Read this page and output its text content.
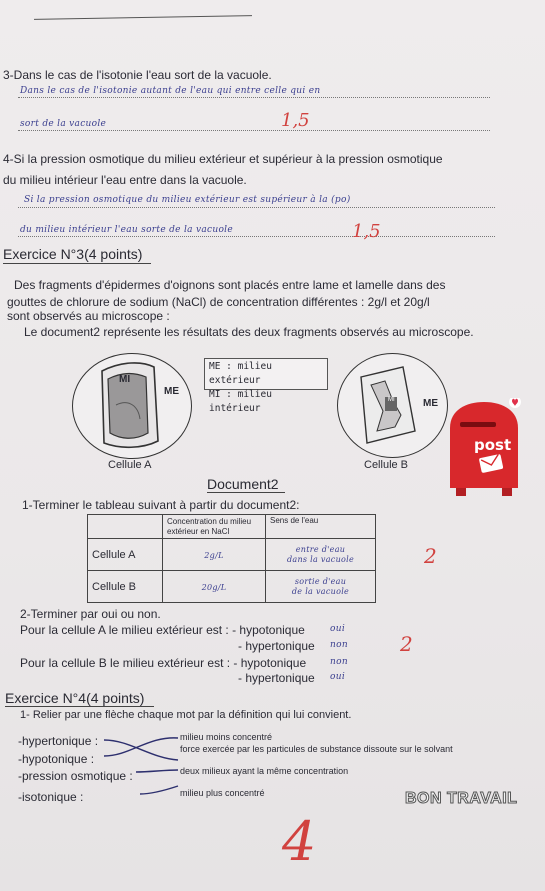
3-Dans le cas de l'isotonie l'eau sort de la vacuole.
Dans le cas de l'isotonie autant de l'eau qui entre celle qui en
sort de la vacuole	1,5
4-Si la pression osmotique du milieu extérieur et supérieur à la pression osmotique
du milieu intérieur l'eau entre dans la vacuole.
Si la pression osmotique du milieu extérieur est supérieur à la (po)
du milieu intérieur l'eau sorte de la vacuole	1,5
Exercice N°3(4 points)
Des fragments d'épidermes d'oignons sont placés entre lame et lamelle dans des
gouttes de chlorure de sodium (NaCl) de concentration différentes : 2g/l et 20g/l
sont observés au microscope :
Le document2 représente les résultats des deux fragments observés au microscope.
MI
ME
Cellule A
ME : milieu extérieur
MI : milieu intérieur
MI	ME
Cellule B
Document2
1-Terminer le tableau suivant à partir du document2:
	Concentration du milieu extérieur en NaCl	Sens de l'eau
Cellule A	2g/L	entre d'eau
dans la vacuole

Cellule B	20g/L	sortie d'eau
de la vacuole
2
2-Terminer par oui ou non.
Pour la cellule A le milieu extérieur est : - hypotonique	oui
- hypertonique non
Pour la cellule B le milieu extérieur est : - hypotonique	non
- hypertonique oui
2
Exercice N°4(4 points)
1- Relier par une flèche chaque mot par la définition qui lui convient.
-hypertonique :
-hypotonique :
-pression osmotique :
-isotonique :
milieu moins concentré
force exercée par les particules de substance dissoute sur le solvant
deux milieux ayant la même concentration
milieu plus concentré	BON TRAVAIL
4
post
